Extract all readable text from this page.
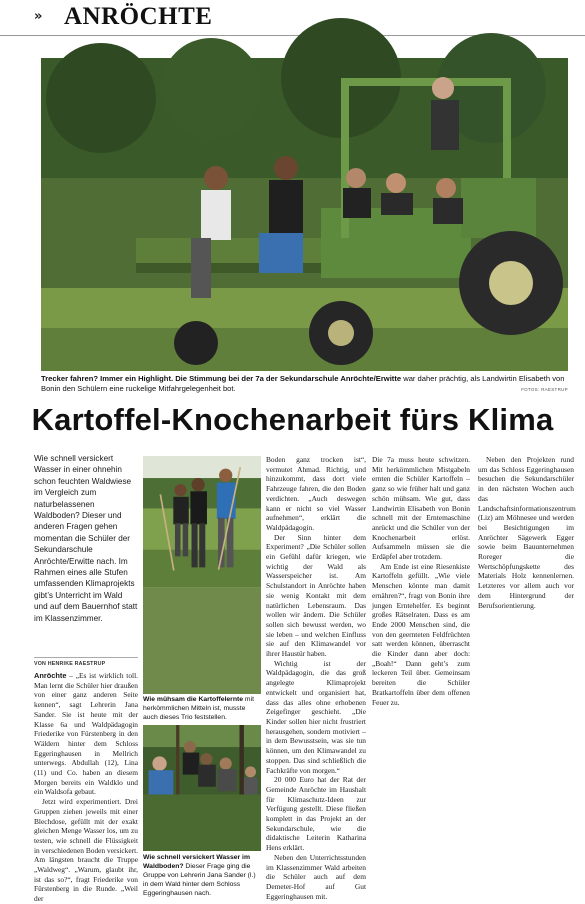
» ANRÖCHTE
Trecker fahren? Immer ein Highlight. Die Stimmung bei der 7a der Sekundarschule Anröchte/Erwitte war daher prächtig, als Landwirtin Elisabeth von Bonin den Schülern eine ruckelige Mitfahrgelegenheit bot.	FOTOS: RAESTRUP
Kartoffel-Knochenarbeit fürs Klima
Wie schnell versickert Wasser in einer ohnehin schon feuchten Waldwiese im Vergleich zum naturbelassenen Waldboden? Dieser und anderen Fragen gehen momentan die Schüler der Sekundarschule Anröchte/Erwitte nach. Im Rahmen eines alle Stufen umfassenden Klimaprojekts gibt’s Unterricht im Wald und auf dem Bauernhof statt im Klassenzimmer.
VON HENRIKE RAESTRUP

Anröchte – „Es ist wirklich toll. Man lernt die Schüler hier draußen von einer ganz anderen Seite kennen“, sagt Lehrerin Jana Sander. Sie ist heute mit der Klasse 6a und Waldpädagogin Friederike von Fürstenberg in den Wäldern hinter dem Schloss Eggeringhausen in Mellrich unterwegs. Abdullah (12), Lina (11) und Co. haben an diesem Morgen bereits ein Waldklo und ein Waldsofa gebaut.

Jetzt wird experimentiert. Drei Gruppen ziehen jeweils mit einer Blechdose, gefüllt mit der exakt gleichen Menge Wasser los, um zu testen, wie schnell die Flüssigkeit in verschiedenen Boden versickert. Am längsten braucht die Truppe „Waldweg“. „Warum, glaubt ihr, ist das so?“, fragt Friederike von Fürstenberg in die Runde. „Weil der

Wie mühsam die Kartoffelernte mit herkömmlichen Mitteln ist, musste auch dieses Trio feststellen.
Wie schnell versickert Wasser im Waldboden? Dieser Frage ging die Gruppe von Lehrerin Jana Sander (l.) in dem Wald hinter dem Schloss Eggeringhausen nach.

Boden ganz trocken ist“, vermutet Ahmad. Richtig, und hinzukommt, dass dort viele Fahrzeuge fahren, die den Boden verdichten. „Auch deswegen kann er nicht so viel Wasser aufnehmen“, erklärt die Waldpädagogin.

Der Sinn hinter dem Experiment? „Die Schüler sollen ein Gefühl dafür kriegen, wie wichtig der Wald als Wasserspeicher ist. Am Schulstandort in Anröchte haben sie wenig Kontakt mit dem natürlichen Lebensraum. Das wollen wir ändern. Die Schüler sollen sich bewusst werden, wo sie leben – und welchen Einfluss sie auf den Klimawandel vor ihrer Haustür haben.

Wichtig ist der Waldpädagogin, die das groß angelegte Klimaprojekt entwickelt und organisiert hat, dass das alles ohne erhobenen Zeigefinger geschieht. „Die Kinder sollen hier nicht frustriert herausgehen, sondern motiviert – in dem Bewusstsein, was sie tun können, um den Klimawandel zu stoppen. Das sind schließlich die Fachkräfte von morgen.“

20 000 Euro hat der Rat der Gemeinde Anröchte im Haushalt für Klimaschutz-Ideen zur Verfügung gestellt. Diese fließen komplett in das Projekt an der Sekundarschule, wie die didaktische Leiterin Katharina Hens erklärt.

Neben den Unterrichtsstunden im Klassenzimmer Wald arbeiten die Schüler auch auf dem Demeter-Hof auf Gut Eggeringhausen mit.

Die 7a muss heute schwitzen. Mit herkömmlichen Mistgabeln ernten die Schüler Kartoffeln – ganz so wie früher halt und ganz schön mühsam. Wie gut, dass Landwirtin Elisabeth von Bonin schnell mit der Erntemaschine anrückt und die Schüler von der Knochenarbeit erlöst. Aufsammeln müssen sie die Erdäpfel aber trotzdem.

Am Ende ist eine Riesenkiste Kartoffeln gefüllt. „Wie viele Menschen könnte man damit ernähren?“, fragt von Bonin ihre jungen Erntehelfer. Es beginnt großes Rätselraten. Dass es am Ende 2000 Menschen sind, die von den geernteten Feldfrüchten satt werden können, überrascht die Kinder dann aber doch: „Boah!“ Dann geht’s zum leckeren Teil über. Gemeinsam bereiten die Schüler Bratkartoffeln über dem offenen Feuer zu.

Neben den Projekten rund um das Schloss Eggeringhausen besuchen die Sekundarschüler in den nächsten Wochen auch das Landschaftsinformationszentrum (Liz) am Möhnesee und werden bei Besichtigungen im Anröchter Sägewerk Egger sowie beim Bauunternehmen Roreger die Wertschöpfungskette des Materials Holz kennenlernen. Letzteres vor allem auch vor dem Hintergrund der Berufsorientierung.
